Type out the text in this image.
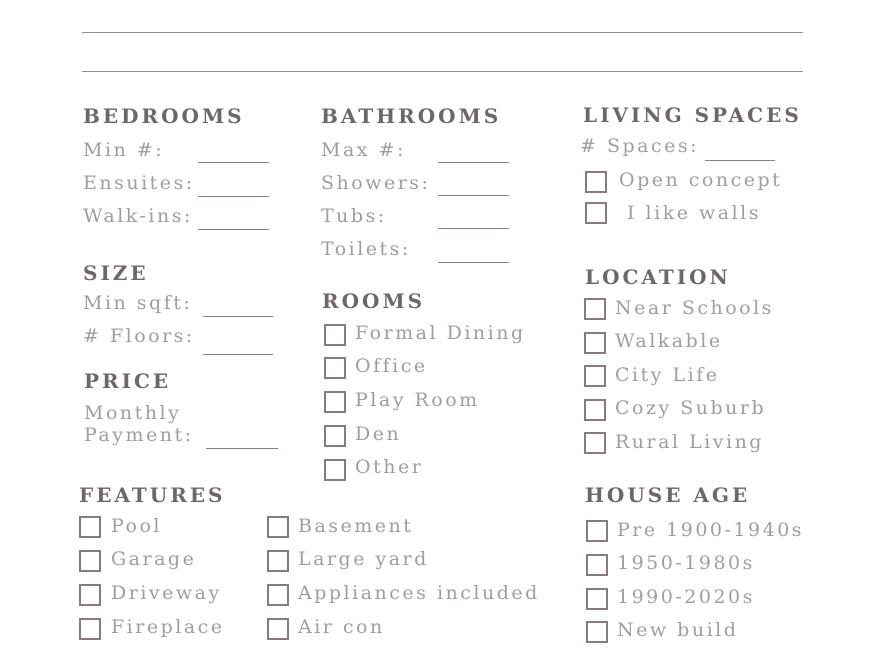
BEDROOMS
Min #:
Ensuites:
Walk-ins:
SIZE
Min sqft:
# Floors:
PRICE
Monthly
Payment:
BATHROOMS
Max #:
Showers:
Tubs:
Toilets:
ROOMS
Formal Dining
Office
Play Room
Den
Other
LIVING SPACES
# Spaces:
Open concept
I like walls
LOCATION
Near Schools
Walkable
City Life
Cozy Suburb
Rural Living
FEATURES
Pool
Garage
Driveway
Fireplace
Basement
Large yard
Appliances included
Air con
HOUSE AGE
Pre 1900-1940s
1950-1980s
1990-2020s
New build
